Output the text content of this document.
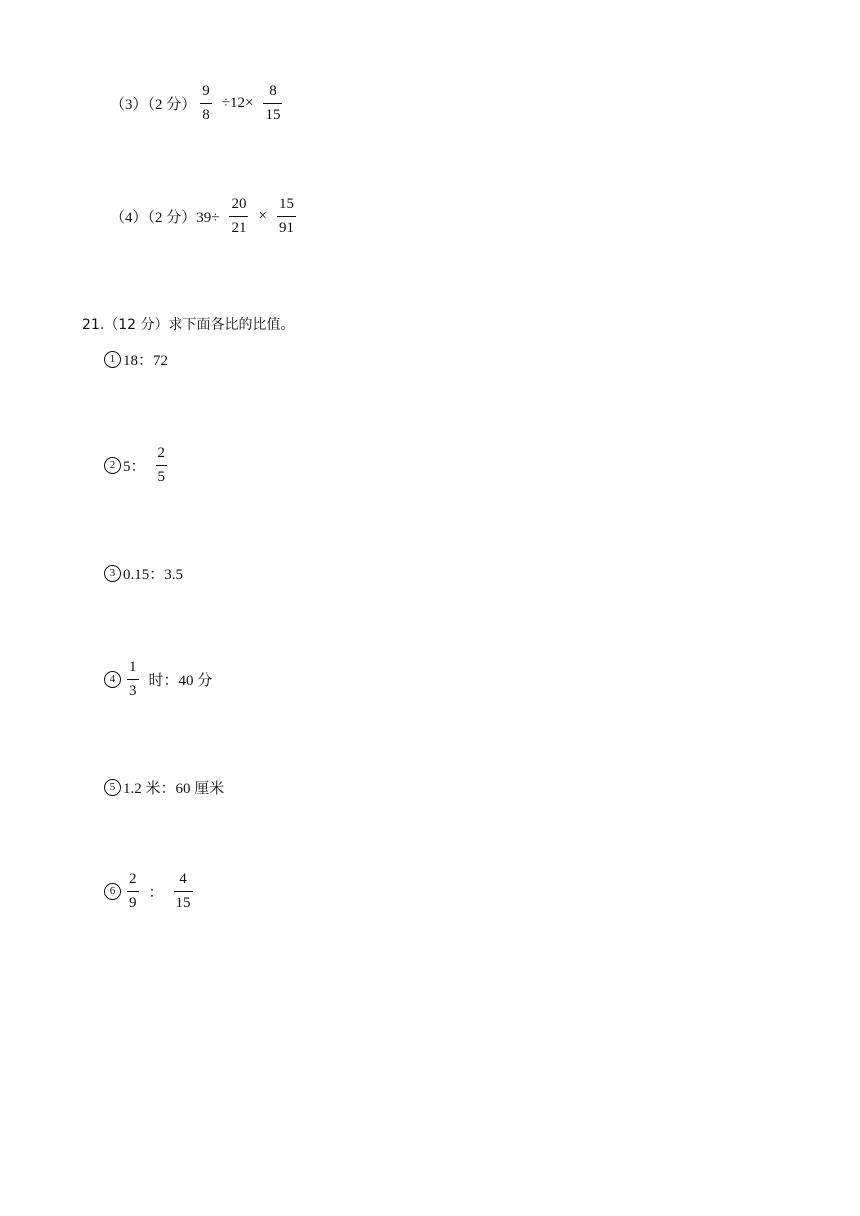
（3）（2 分） $\frac{9}{8} \div 12\times \frac{8}{15}$
（4）（2 分）$39\div \frac{20}{21} \times \frac{15}{91}$
21.（12 分）求下面各比的比值。
1 18：72
2 5： $\frac{2}{5}$
3 0.15：3.5
$4 \frac{1}{3}$ 时：40 分
5 1.2 米：60 厘米
$6 \frac{2}{9}$ ： $\frac{4}{15}$
